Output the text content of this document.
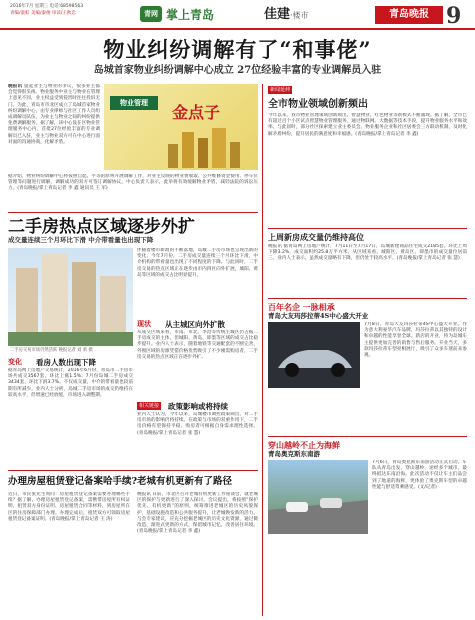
2016年7月 星期三 电话:68598563
青编/童虹 美编/秦俊 审读/王秋忠	青网 掌上青岛	佳建·楼市	青岛晚报 9
物业纠纷调解有了“和事佬”
岛城首家物业纠纷调解中心成立 27位经验丰富的专业调解员入驻
晚报讯 提起业主与物业的争议，很多业主都会觉得很头疼。物业服务中业主与物业在管理上意见不同，业主权益受到侵害时往往投诉无门。为此，青岛市市北区成立了岛城首家物业纠纷调解中心，由专业律师与社区工作人员组成调解员队伍，为业主与物业之间的纠纷提供免费调解服务。据了解，该中心设在区物业管理服务中心内，首批27位经验丰富的专业调解员已入驻，业主与物业双方可在中心进行面对面的沟通协商，化解矛盾。
物业管理	金点子
据介绍，物业纠纷调解中心将按照自愿、平等的原则开展调解工作，对业主反映的物业费收取、公共维修资金使用、停车位管理等问题进行调解，调解成功的双方可签订调解协议。中心负责人表示，此举将有效缓解物业矛盾，减轻法院的诉讼压力。(青岛晚报/掌上青岛记者 李 鑫 通讯员 王 军)
二手房热点区域逐步外扩
成交量连续三个月环比下滑 中介带看量也出现下降
二手房交易市场仍然活跃 晚报记者 刘 新 摄
伴随着楼市新政的不断落地，岛城二手房市场也呈现出新的变化。今年7月份，二手房成交量连续三个月环比下滑，中介机构的带看量也出现了不同程度的下降。与此同时，二手房交易的热点区域正在逐步由市内四区向外扩展，城阳、黄岛等区域的成交占比明显提升。
变化 看房人数出现下降
据青岛网上房地产交易统计，2016年6月份，青岛市二手房市场共成交3567套，环比上涨1.5%；7月份岛城二手房成交3434套，环比下滑3.7%。不仅成交量，中介的带看量也较前期有所减少。业内人士分析，岛城二手房市场的成交仍维持在较高水平，但增速已经放缓，市场进入调整期。
现状 从主城区向外扩散
从成交区域来看，市南、市北、李沧等传统主城区仍占据二手房成交的主体，但城阳、黄岛、即墨等区域的成交占比稳步提升。业内人士表示，随着地铁等交通配套的不断完善，外围区域的房源凭借价格优势吸引了不少刚需购房者，二手房交易的热点区域正在逐步外扩。
相关链接 政策影响或将持续
业内人士认为，今年以来，岛城楼市调控政策频出，对二手房市场的影响仍将持续。在政策与市场的双重作用下，二手房价格有望保持平稳，购房者可根据自身需求理性选择。(青岛晚报/掌上青岛记者 张 慧)
办理房屋租赁登记备案哈手续?
近日，市民张先生询问：房屋租赁登记备案需要办理哪些手续？据了解，办理房屋租赁登记备案，需携带房屋所有权证明、租赁双方身份证明、房屋租赁合同等材料，到房屋所在区的住房保障部门办理。办理完成后，租赁双方可领取房屋租赁登记备案证明。(青岛晚报/掌上青岛记者 王 涛)
老城有机更新有了路径
晚报讯 日前，市北区召开老城有机更新工作座谈会，就老城区的保护与更新进行了深入探讨。会议提出，将按照“保护优先、有机更新”的原则，统筹推进老城区的历史风貌保护、基础设施改造和公共服务提升，让老城焕发新的活力。与会专家建议，应充分挖掘老城区的历史文化资源，通过微改造、渐进式更新的方式，保留城市记忆，改善居住环境。(青岛晚报/掌上青岛记者 李 鑫)
新闻延伸
全市物业领域创新频出
今年以来，我市物业管理领域创新频出，智慧物业、红色物业等新模式不断涌现。据了解，全市已有超过百个小区试点智慧物业管理服务，通过物联网、大数据等技术手段，提升物业服务水平和效率。与此同时，部分社区探索建立业主委员会、物业服务企业和社区居委会三方联动机制，及时化解矛盾纠纷，提升居民的满意度和幸福感。(青岛晚报/掌上青岛记者 李 鑫)
上周新房成交量仍维持高位
晚报讯 据青岛网上房地产统计，7月11日至7月17日，岛城新建商品住宅成交2185套，环比上周下降3.2%，成交面积约25.8万平方米。从区域来看，城阳区、黄岛区、即墨市的成交量位居前三。业内人士表示，虽然成交量略有下降，但仍处于较高水平。(青岛晚报/掌上青岛记者 张 慧)
百年名企 一脉相承
青岛大友玛莎拉蒂4S中心盛大开业
7月8日，青岛大友玛莎拉蒂4S中心盛大开业。作为意大利豪华汽车品牌，玛莎拉蒂以其独特的设计和卓越的性能享誉全球。新店的开业，将为岛城车主提供更加完善的销售与售后服务。开业当天，多款玛莎拉蒂车型亮相展厅，吸引了众多车迷前来参观。
穿山越岭不止为海鲜
青岛奥克斯东南游
7月6日，青岛奥克斯东南游活动正式启动。车队从青岛出发，穿山越岭，途经多个城市，最终抵达东南沿海。此次活动不仅让车主们品尝到了地道的海鲜，更体验了奥克斯车型的卓越性能与舒适驾乘感受。(文/记者)
